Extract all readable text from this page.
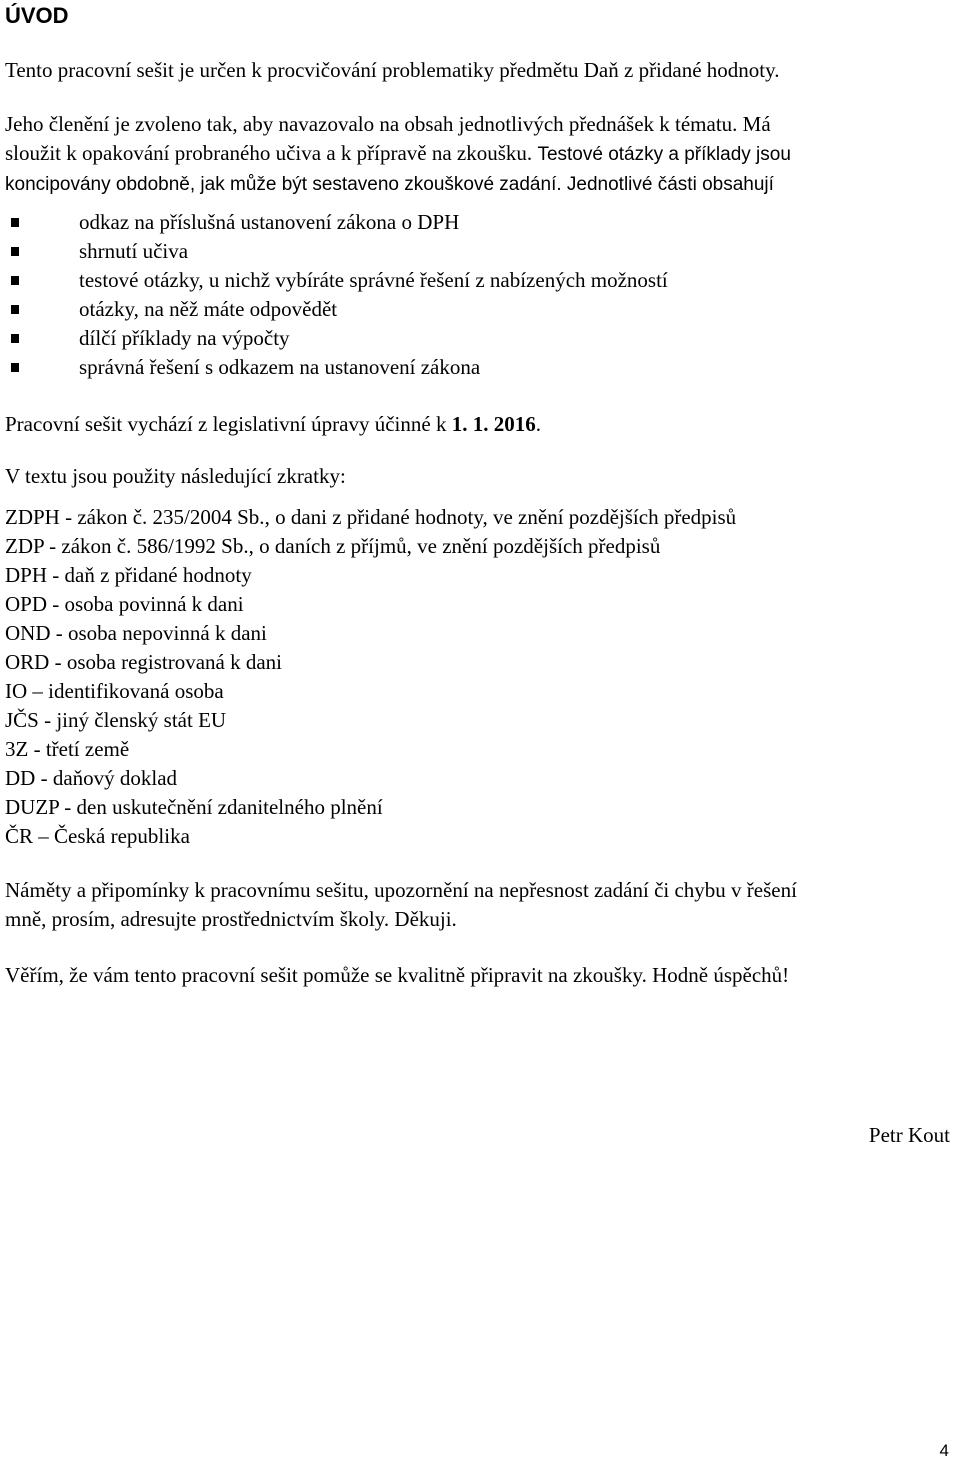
ÚVOD

Tento pracovní sešit je určen k procvičování problematiky předmětu Daň z přidané hodnoty.

Jeho členění je zvoleno tak, aby navazovalo na obsah jednotlivých přednášek k tématu. Má
sloužit k opakování probraného učiva a k přípravě na zkoušku. Testové otázky a příklady jsou
koncipovány obdobně, jak může být sestaveno zkouškové zadání. Jednotlivé části obsahují
odkaz na příslušná ustanovení zákona o DPH
shrnutí učiva
testové otázky, u nichž vybíráte správné řešení z nabízených možností
otázky, na něž máte odpovědět
dílčí příklady na výpočty
správná řešení s odkazem na ustanovení zákona

Pracovní sešit vychází z legislativní úpravy účinné k 1. 1. 2016.

V textu jsou použity následující zkratky:

ZDPH - zákon č. 235/2004 Sb., o dani z přidané hodnoty, ve znění pozdějších předpisů
ZDP - zákon č. 586/1992 Sb., o daních z příjmů, ve znění pozdějších předpisů
DPH - daň z přidané hodnoty
OPD - osoba povinná k dani
OND - osoba nepovinná k dani
ORD - osoba registrovaná k dani
IO – identifikovaná osoba
JČS - jiný členský stát EU
3Z - třetí země
DD - daňový doklad
DUZP - den uskutečnění zdanitelného plnění
ČR – Česká republika
Náměty a připomínky k pracovnímu sešitu, upozornění na nepřesnost zadání či chybu v řešení
mně, prosím, adresujte prostřednictvím školy. Děkuji.

Věřím, že vám tento pracovní sešit pomůže se kvalitně připravit na zkoušky. Hodně úspěchů!

Petr Kout
4
